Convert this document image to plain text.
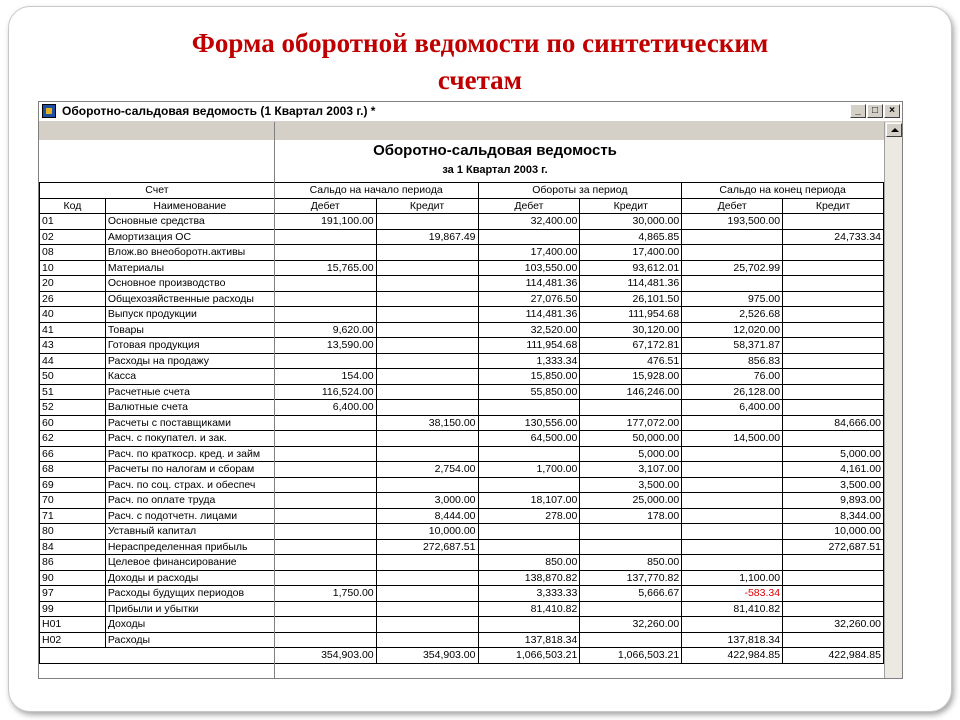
Форма оборотной ведомости по синтетическим
счетам
Оборотно-сальдовая ведомость (1 Квартал 2003 г.) *	_	□	×
Оборотно-сальдовая ведомость
за 1 Квартал 2003 г.
Счет		Сальдо на начало периода		Обороты за период		Сальдо на конец периода	
Код	Наименование	Дебет	Кредит	Дебет	Кредит	Дебет	Кредит
01	Основные средства	191,100.00		32,400.00	30,000.00	193,500.00	
02	Амортизация ОС		19,867.49		4,865.85		24,733.34
08	Влож.во внеоборотн.активы			17,400.00	17,400.00		
10	Материалы	15,765.00		103,550.00	93,612.01	25,702.99	
20	Основное производство			114,481.36	114,481.36		
26	Общехозяйственные расходы			27,076.50	26,101.50	975.00	
40	Выпуск продукции			114,481.36	111,954.68	2,526.68	
41	Товары	9,620.00		32,520.00	30,120.00	12,020.00	
43	Готовая продукция	13,590.00		111,954.68	67,172.81	58,371.87	
44	Расходы на продажу			1,333.34	476.51	856.83	
50	Касса	154.00		15,850.00	15,928.00	76.00	
51	Расчетные счета	116,524.00		55,850.00	146,246.00	26,128.00	
52	Валютные счета	6,400.00				6,400.00	
60	Расчеты с поставщиками		38,150.00	130,556.00	177,072.00		84,666.00
62	Расч. с покупател. и зак.			64,500.00	50,000.00	14,500.00	
66	Расч. по краткоср. кред. и займ				5,000.00		5,000.00
68	Расчеты по налогам и сборам		2,754.00	1,700.00	3,107.00		4,161.00
69	Расч. по соц. страх. и обеспеч				3,500.00		3,500.00
70	Расч. по оплате труда		3,000.00	18,107.00	25,000.00		9,893.00
71	Расч. с подотчетн. лицами		8,444.00	278.00	178.00		8,344.00
80	Уставный капитал		10,000.00				10,000.00
84	Нераспределенная прибыль		272,687.51				272,687.51
86	Целевое финансирование			850.00	850.00		
90	Доходы и расходы			138,870.82	137,770.82	1,100.00	
97	Расходы будущих периодов	1,750.00		3,333.33	5,666.67	-583.34	
99	Прибыли и убытки			81,410.82		81,410.82	
Н01	Доходы				32,260.00		32,260.00
Н02	Расходы			137,818.34		137,818.34	
		354,903.00	354,903.00	1,066,503.21	1,066,503.21	422,984.85	422,984.85
